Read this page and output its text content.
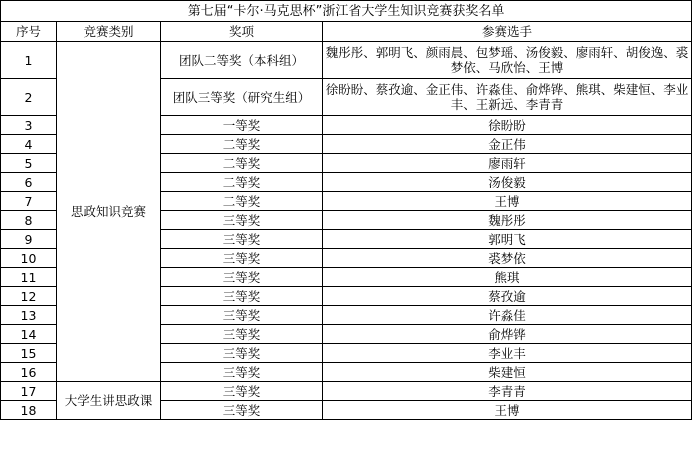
第七届“卡尔·马克思杯”浙江省大学生知识竞赛获奖名单			
序号	竞赛类别	奖项	参赛选手
1	思政知识竞赛	团队二等奖（本科组）	魏彤彤、郭明飞、颜雨晨、包梦瑶、汤俊毅、廖雨轩、胡俊逸、裘梦依、马欣怡、王博
2		团队三等奖（研究生组）	徐盼盼、蔡孜逾、金正伟、许淼佳、俞烨铧、熊琪、柴建恒、李业丰、王新远、李青青
3		一等奖	徐盼盼
4		二等奖	金正伟
5		二等奖	廖雨轩
6		二等奖	汤俊毅
7		二等奖	王博
8		三等奖	魏彤彤
9		三等奖	郭明飞
10		三等奖	裘梦依
11		三等奖	熊琪
12		三等奖	蔡孜逾
13		三等奖	许淼佳
14		三等奖	俞烨铧
15		三等奖	李业丰
16		三等奖	柴建恒
17	大学生讲思政课	三等奖	李青青
18		三等奖	王博
